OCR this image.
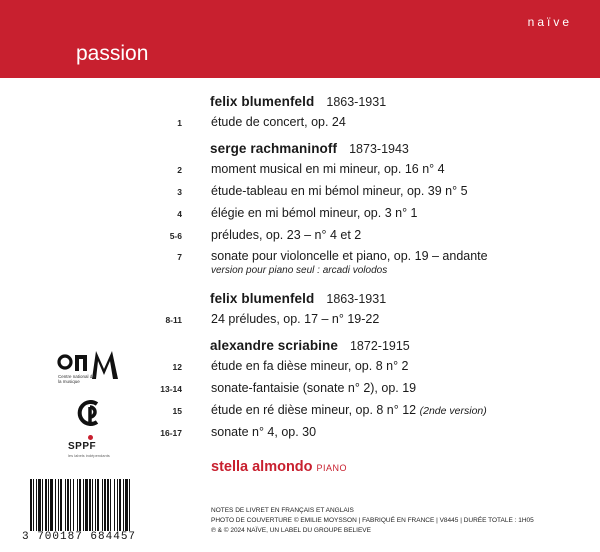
naïve
passion
felix blumenfeld 1863-1931
1 étude de concert, op. 24
serge rachmaninoff 1873-1943
2 moment musical en mi mineur, op. 16 n° 4
3 étude-tableau en mi bémol mineur, op. 39 n° 5
4 élégie en mi bémol mineur, op. 3 n° 1
5-6 préludes, op. 23 – n° 4 et 2
7 sonate pour violoncelle et piano, op. 19 – andante
version pour piano seul : arcadi volodos
felix blumenfeld 1863-1931
8-11 24 préludes, op. 17 – n° 19-22
alexandre scriabine 1872-1915
12 étude en fa dièse mineur, op. 8 n° 2
13-14 sonate-fantaisie (sonate n° 2), op. 19
15 étude en ré dièse mineur, op. 8 n° 12 (2nde version)
16-17 sonate n° 4, op. 30
stella almondo PIANO
NOTES DE LIVRET EN FRANÇAIS ET ANGLAIS
PHOTO DE COUVERTURE © EMILIE MOYSSON | FABRIQUÉ EN FRANCE | V8445 | DURÉE TOTALE : 1H05
℗ & © 2024 NAÏVE, UN LABEL DU GROUPE BELIEVE
Centre national de la musique
SPPF
les labels indépendants
3 700187 684457
